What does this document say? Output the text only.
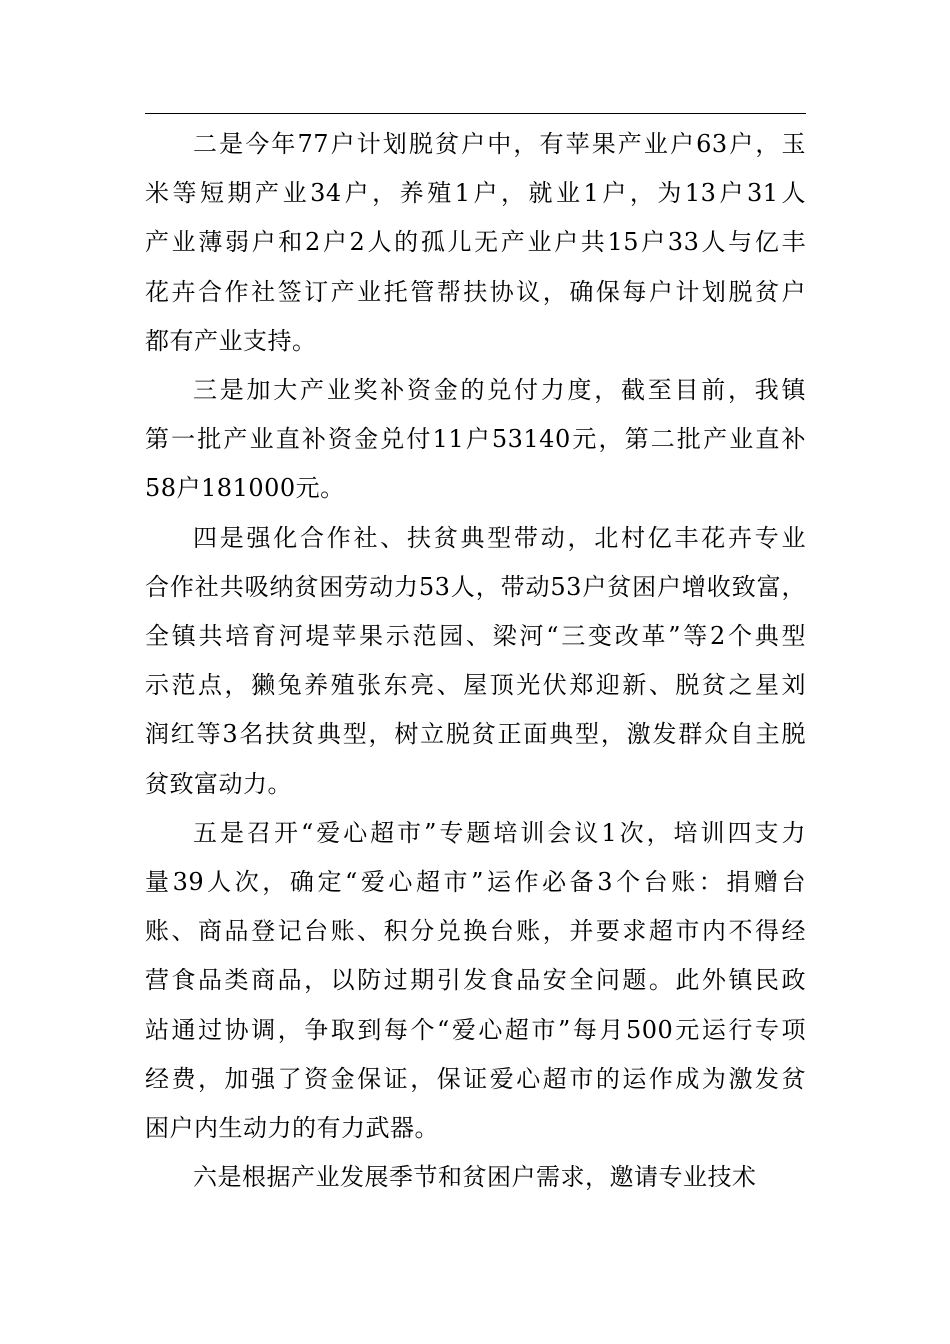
二是今年77户计划脱贫户中，有苹果产业户63户，玉
米等短期产业34户，养殖1户，就业1户，为13户31人
产业薄弱户和2户2人的孤儿无产业户共15户33人与亿丰
花卉合作社签订产业托管帮扶协议，确保每户计划脱贫户
都有产业支持。

三是加大产业奖补资金的兑付力度，截至目前，我镇
第一批产业直补资金兑付11户53140元，第二批产业直补
58户181000元。

四是强化合作社、扶贫典型带动，北村亿丰花卉专业
合作社共吸纳贫困劳动力53人，带动53户贫困户增收致富，
全镇共培育河堤苹果示范园、梁河“三变改革”等2个典型
示范点，獭兔养殖张东亮、屋顶光伏郑迎新、脱贫之星刘
润红等3名扶贫典型，树立脱贫正面典型，激发群众自主脱
贫致富动力。

五是召开“爱心超市”专题培训会议1次，培训四支力
量39人次，确定“爱心超市”运作必备3个台账：捐赠台
账、商品登记台账、积分兑换台账，并要求超市内不得经
营食品类商品，以防过期引发食品安全问题。此外镇民政
站通过协调，争取到每个“爱心超市”每月500元运行专项
经费，加强了资金保证，保证爱心超市的运作成为激发贫
困户内生动力的有力武器。

六是根据产业发展季节和贫困户需求，邀请专业技术
